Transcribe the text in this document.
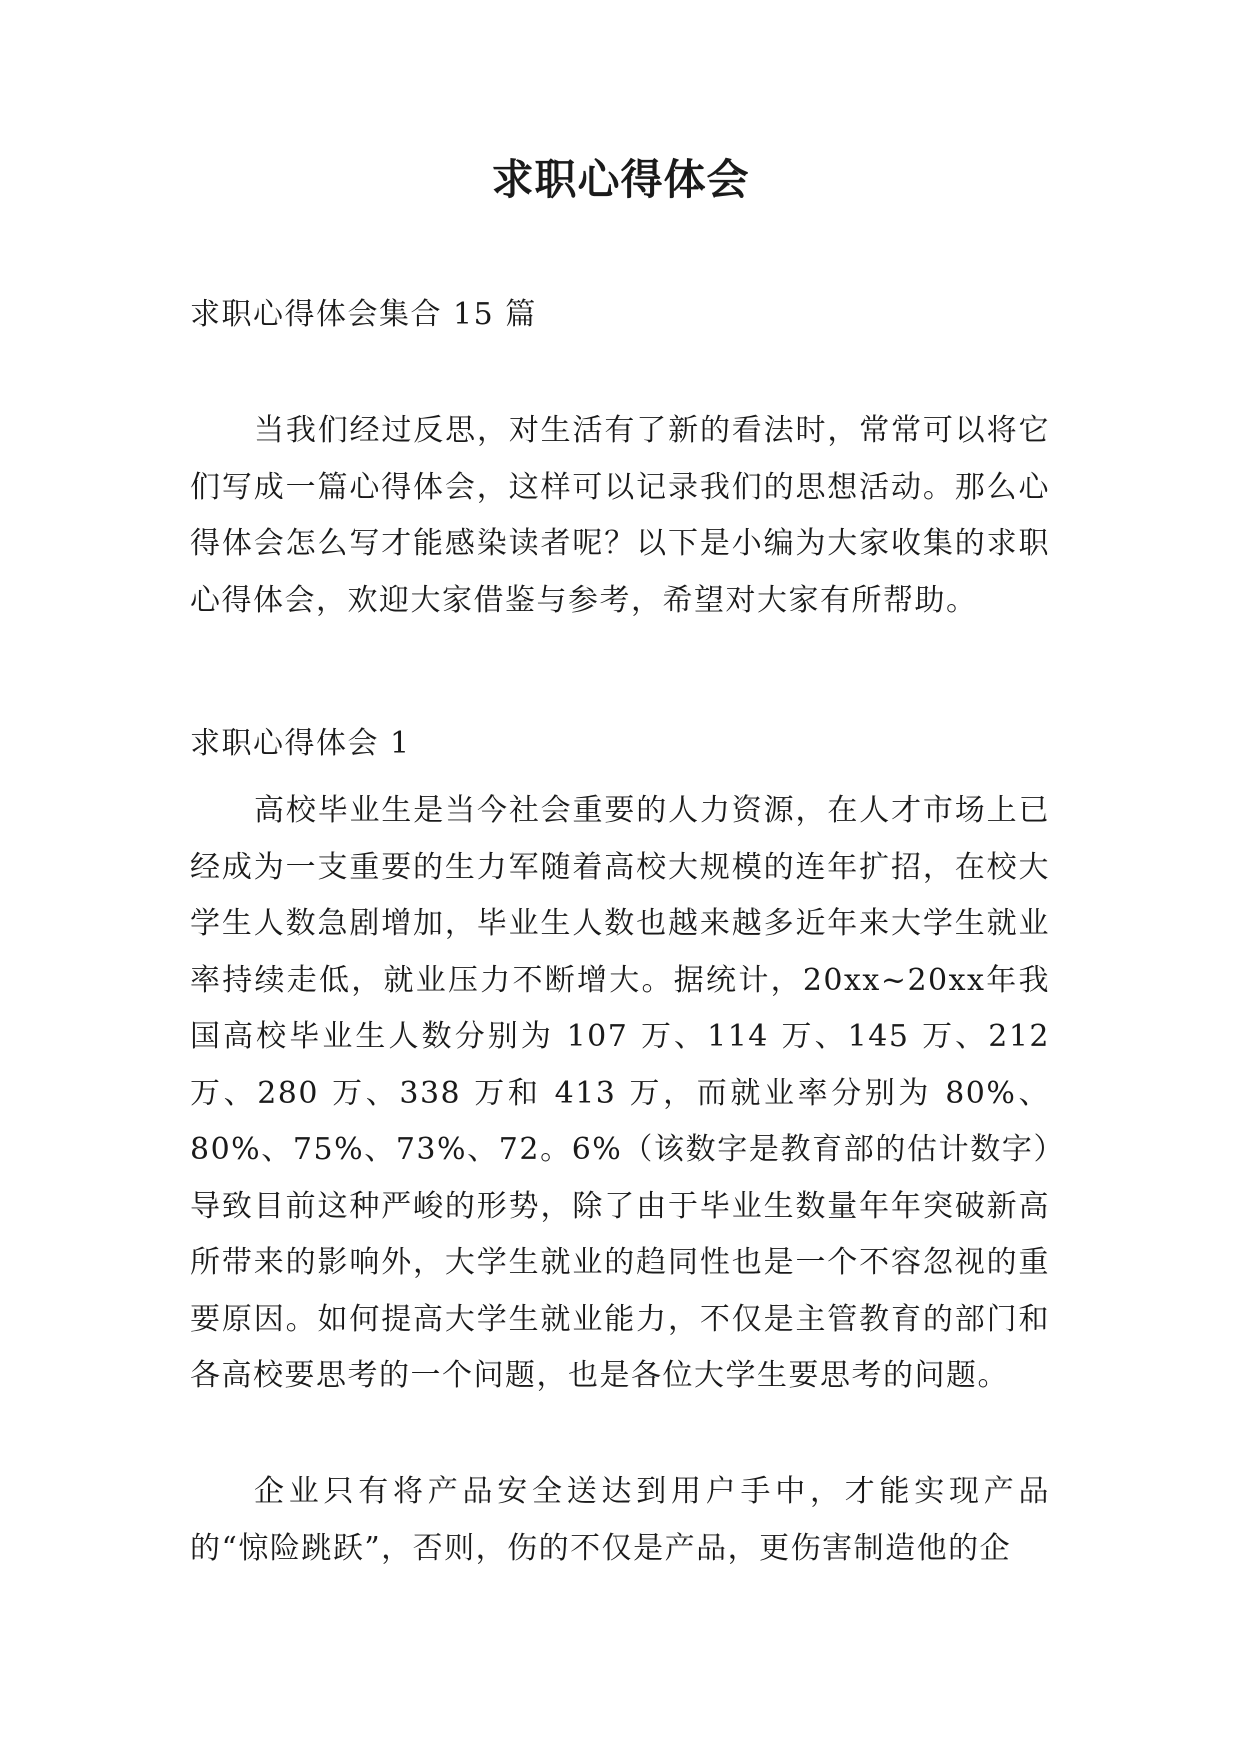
求职心得体会
求职心得体会集合 15 篇
当我们经过反思，对生活有了新的看法时，常常可以将它们写成一篇心得体会，这样可以记录我们的思想活动。那么心得体会怎么写才能感染读者呢？以下是小编为大家收集的求职心得体会，欢迎大家借鉴与参考，希望对大家有所帮助。
求职心得体会 1
高校毕业生是当今社会重要的人力资源，在人才市场上已经成为一支重要的生力军随着高校大规模的连年扩招，在校大学生人数急剧增加，毕业生人数也越来越多近年来大学生就业率持续走低，就业压力不断增大。据统计，20xx~20xx年我国高校毕业生人数分别为 107 万、114 万、145 万、212 万、280 万、338 万和 413 万，而就业率分别为 80%、80%、75%、73%、72。6%（该数字是教育部的估计数字）导致目前这种严峻的形势，除了由于毕业生数量年年突破新高所带来的影响外，大学生就业的趋同性也是一个不容忽视的重要原因。如何提高大学生就业能力，不仅是主管教育的部门和各高校要思考的一个问题，也是各位大学生要思考的问题。
企业只有将产品安全送达到用户手中，才能实现产品的“惊险跳跃”，否则，伤的不仅是产品，更伤害制造他的企
